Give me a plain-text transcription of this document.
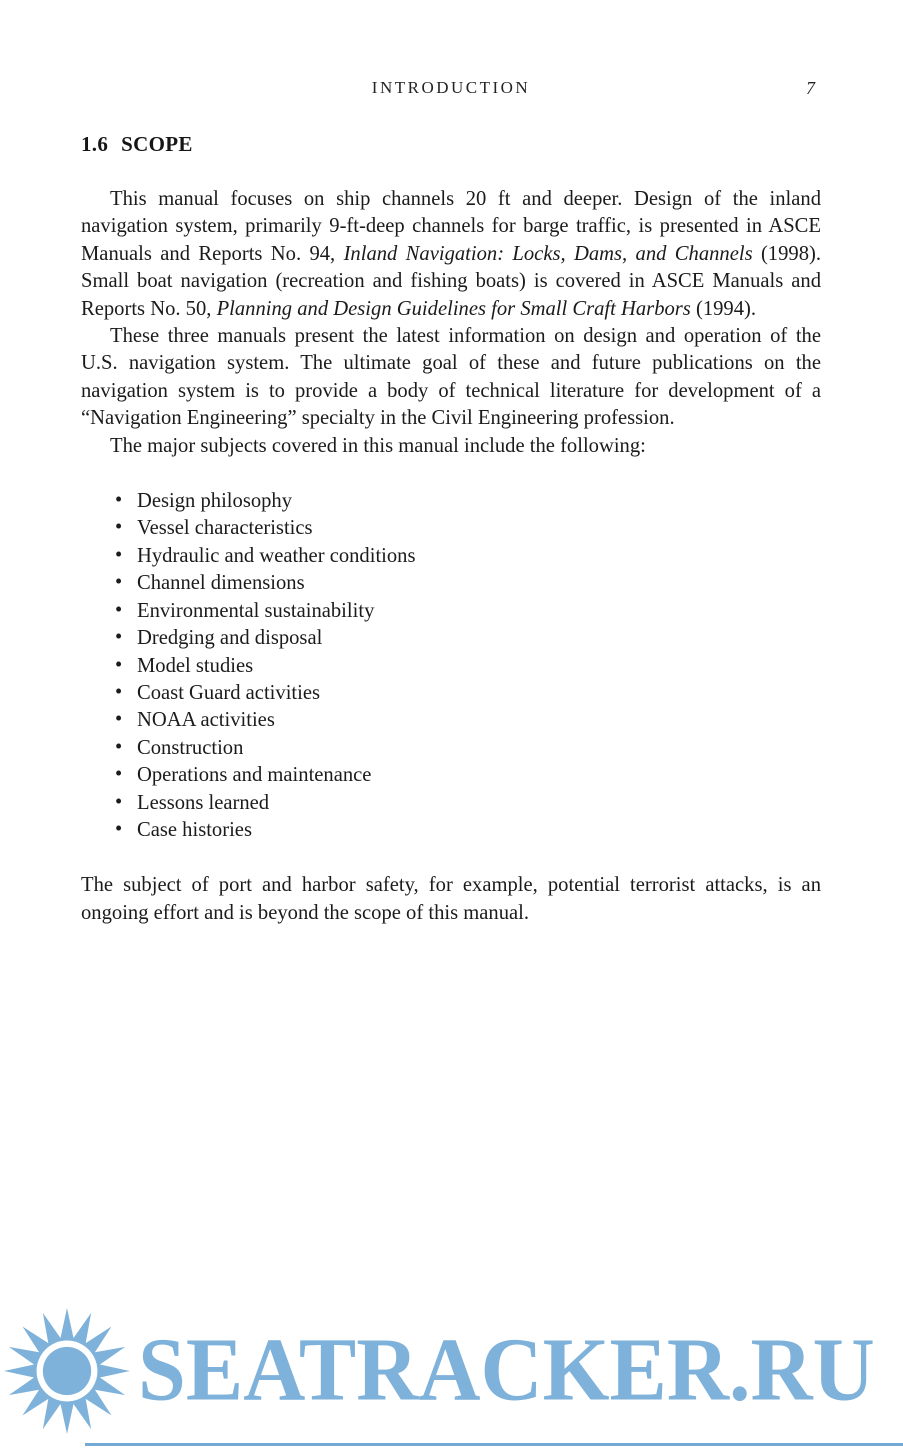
INTRODUCTION	7
1.6 SCOPE

This manual focuses on ship channels 20 ft and deeper. Design of the inland navigation system, primarily 9-ft-deep channels for barge traffic, is presented in ASCE Manuals and Reports No. 94, Inland Navigation: Locks, Dams, and Channels (1998). Small boat navigation (recreation and fishing boats) is covered in ASCE Manuals and Reports No. 50, Planning and Design Guidelines for Small Craft Harbors (1994).

These three manuals present the latest information on design and operation of the U.S. navigation system. The ultimate goal of these and future publications on the navigation system is to provide a body of technical literature for development of a “Navigation Engineering” specialty in the Civil Engineering profession.

The major subjects covered in this manual include the following:

• Design philosophy
• Vessel characteristics
• Hydraulic and weather conditions
• Channel dimensions
• Environmental sustainability
• Dredging and disposal
• Model studies
• Coast Guard activities
• NOAA activities
• Construction
• Operations and maintenance
• Lessons learned
• Case histories

The subject of port and harbor safety, for example, potential terrorist attacks, is an ongoing effort and is beyond the scope of this manual.

SEATRACKER.RU
